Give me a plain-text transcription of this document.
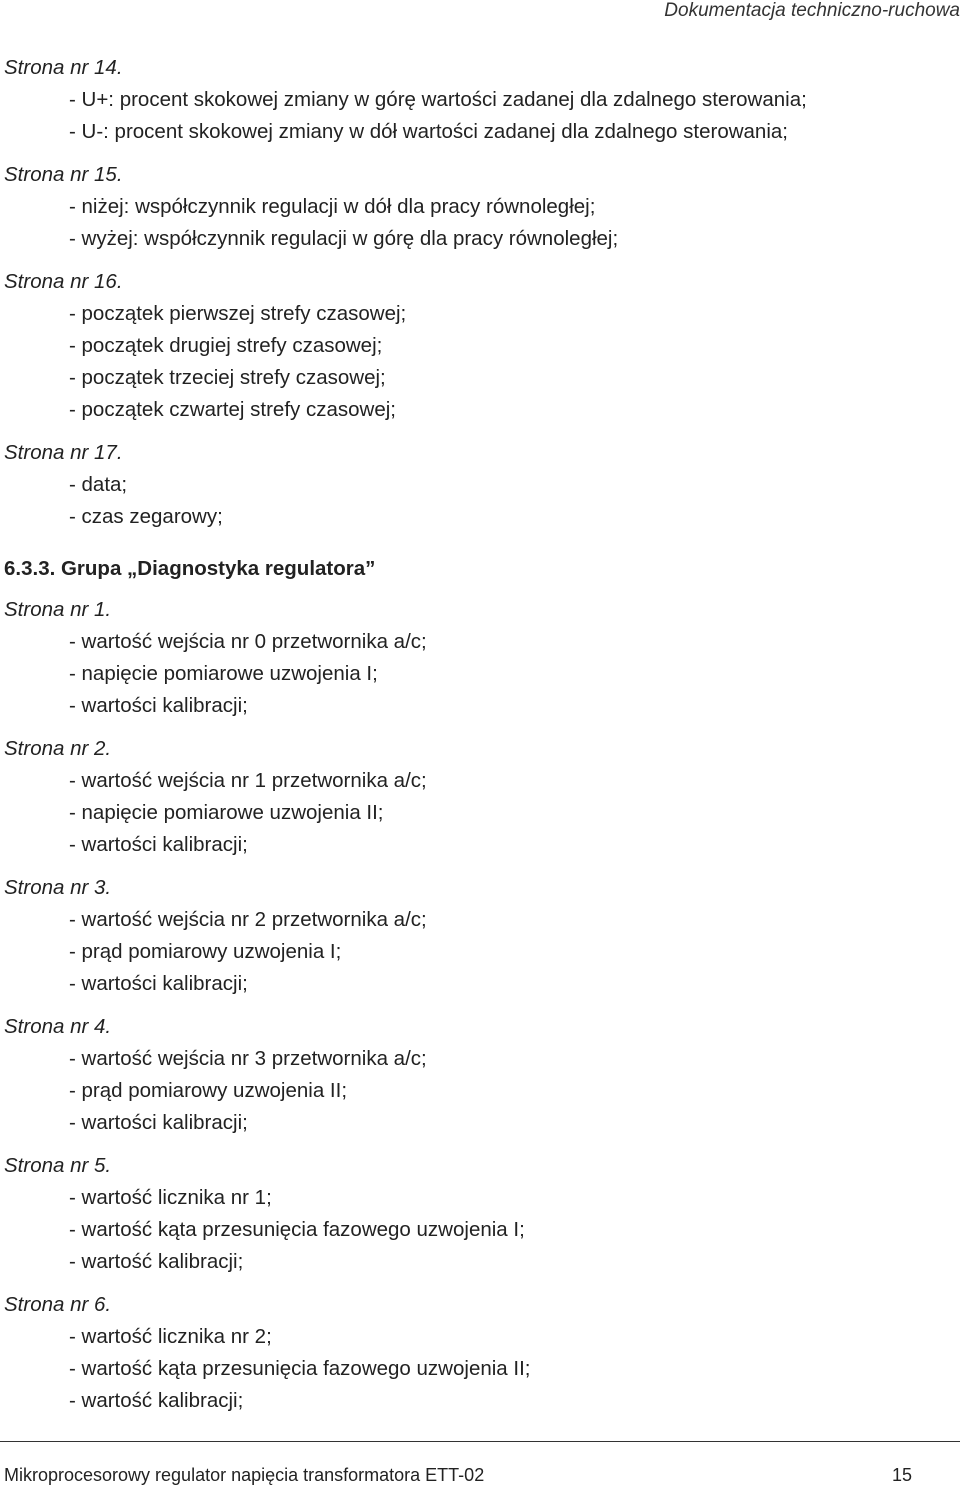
Dokumentacja techniczno-ruchowa
Strona nr 14.
- U+: procent skokowej zmiany w górę wartości zadanej dla zdalnego sterowania;
- U-: procent skokowej zmiany w dół wartości zadanej dla zdalnego sterowania;
Strona nr 15.
- niżej: współczynnik regulacji w dół dla pracy równoległej;
- wyżej: współczynnik regulacji w górę dla pracy równoległej;
Strona nr 16.
- początek pierwszej strefy czasowej;
- początek drugiej strefy czasowej;
- początek trzeciej strefy czasowej;
- początek czwartej strefy czasowej;
Strona nr 17.
- data;
- czas zegarowy;
6.3.3. Grupa „Diagnostyka regulatora”
Strona nr 1.
- wartość wejścia nr 0 przetwornika a/c;
- napięcie pomiarowe uzwojenia I;
- wartości kalibracji;
Strona nr 2.
- wartość wejścia nr 1 przetwornika a/c;
- napięcie pomiarowe uzwojenia II;
- wartości kalibracji;
Strona nr 3.
- wartość wejścia nr 2 przetwornika a/c;
- prąd pomiarowy uzwojenia I;
- wartości kalibracji;
Strona nr 4.
- wartość wejścia nr 3 przetwornika a/c;
- prąd pomiarowy uzwojenia II;
- wartości kalibracji;
Strona nr 5.
- wartość licznika nr 1;
- wartość kąta przesunięcia fazowego uzwojenia I;
- wartość kalibracji;
Strona nr 6.
- wartość licznika nr 2;
- wartość kąta przesunięcia fazowego uzwojenia II;
- wartość kalibracji;
Mikroprocesorowy regulator napięcia transformatora ETT-02	15
